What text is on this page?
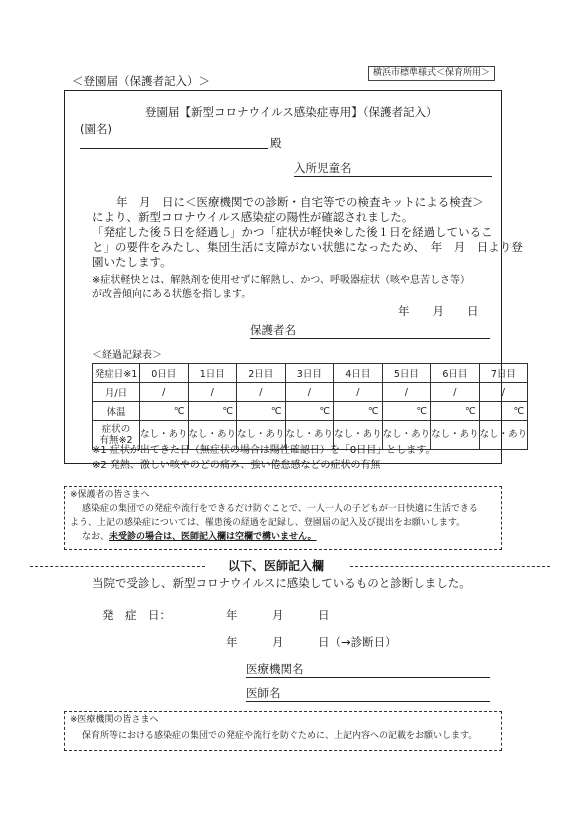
＜登園届（保護者記入）＞
横浜市標準様式＜保育所用＞
登園届【新型コロナウイルス感染症専用】（保護者記入）
(園名)
殿
入所児童名
年　月　日に＜医療機関での診断・自宅等での検査キットによる検査＞
により、新型コロナウイルス感染症の陽性が確認されました。
「発症した後５日を経過し」かつ「症状が軽快※した後１日を経過しているこ
と」の要件をみたし、集団生活に支障がない状態になったため、　年　月　日より登
園いたします。
※症状軽快とは、解熱剤を使用せずに解熱し、かつ、呼吸器症状（咳や息苦しさ等）
が改善傾向にある状態を指します。
年　　月　　日
保護者名
＜経過記録表＞
発症日※1	0日目	1日目	2日目	3日目	4日目	5日目	6日目	7日目
月/日	/	/	/	/	/	/	/	/
体温	℃	℃	℃	℃	℃	℃	℃	℃
症状の
有無※2	なし・あり	なし・あり	なし・あり	なし・あり	なし・あり	なし・あり	なし・あり	なし・あり
※1 症状が出てきた日（無症状の場合は陽性確認日）を「0日目」とします。
※2 発熱、激しい咳やのどの痛み、強い倦怠感などの症状の有無
※保護者の皆さまへ
感染症の集団での発症や流行をできるだけ防ぐことで、一人一人の子どもが一日快適に生活できる
よう、上記の感染症については、罹患後の経過を記録し、登園届の記入及び提出をお願いします。
なお、未受診の場合は、医師記入欄は空欄で構いません。
以下、医師記入欄
当院で受診し、新型コロナウイルスに感染しているものと診断しました。
発　症　日：	年	月	日
年	月	日（→診断日）
医療機関名
医師名
※医療機関の皆さまへ
保育所等における感染症の集団での発症や流行を防ぐために、上記内容への記載をお願いします。
